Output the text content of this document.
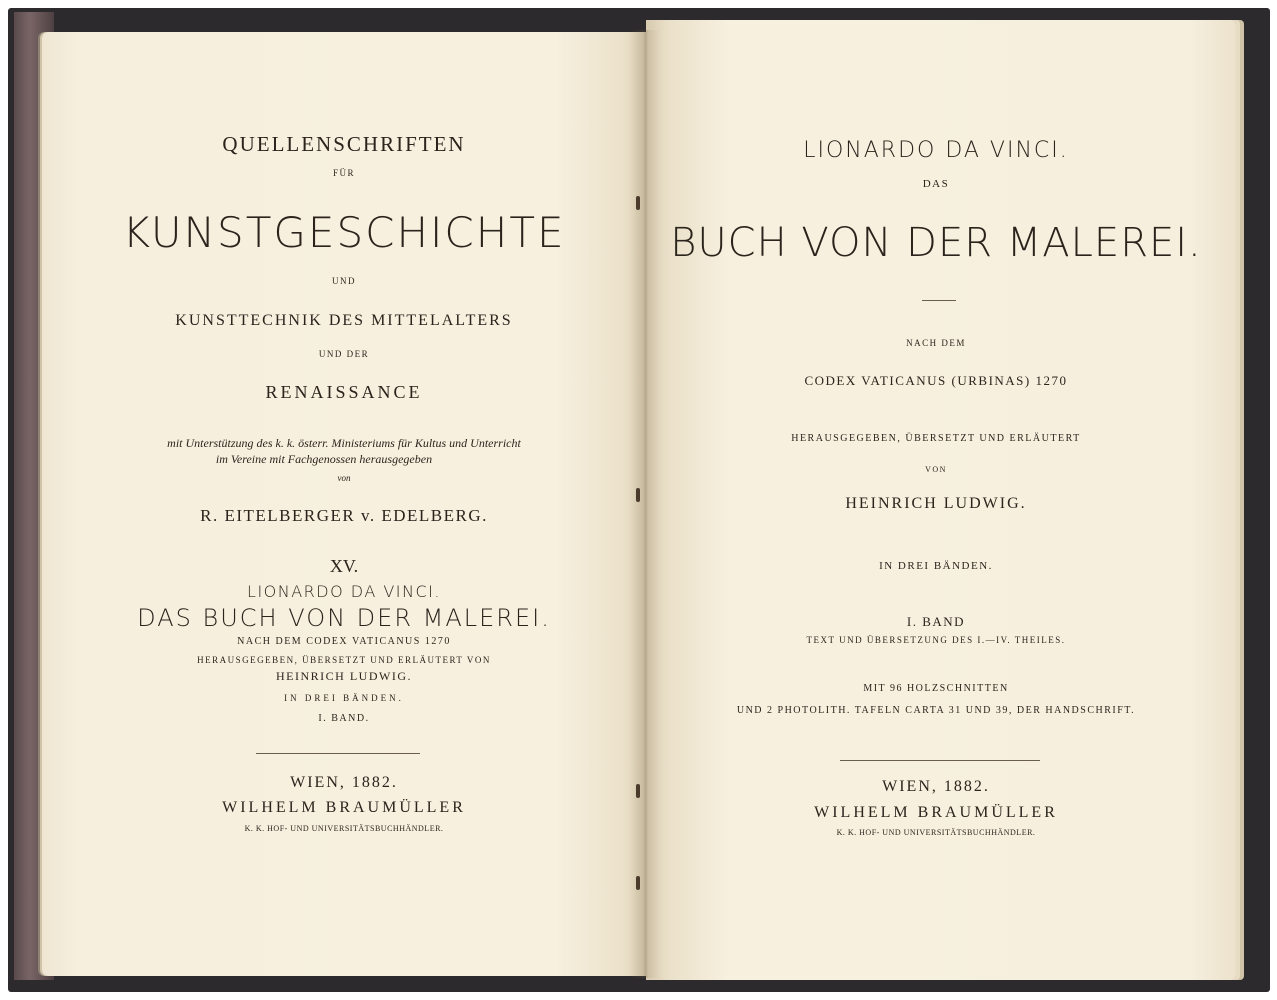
QUELLENSCHRIFTEN

FÜR

KUNSTGESCHICHTE

UND

KUNSTTECHNIK DES MITTELALTERS

UND DER

RENAISSANCE

mit Unterstützung des k. k. österr. Ministeriums für Kultus und Unterricht

im Vereine mit Fachgenossen herausgegeben

von

R. EITELBERGER v. EDELBERG.

XV.

LIONARDO DA VINCI.

DAS BUCH VON DER MALEREI.

NACH DEM CODEX VATICANUS 1270

HERAUSGEGEBEN, ÜBERSETZT UND ERLÄUTERT VON

HEINRICH LUDWIG.

IN DREI BÄNDEN.

I. BAND.

WIEN, 1882.

WILHELM BRAUMÜLLER

K. K. HOF- UND UNIVERSITÄTSBUCHHÄNDLER.

LIONARDO DA VINCI.

DAS

BUCH VON DER MALEREI.

NACH DEM

CODEX VATICANUS (URBINAS) 1270

HERAUSGEGEBEN, ÜBERSETZT UND ERLÄUTERT

VON

HEINRICH LUDWIG.

IN DREI BÄNDEN.

I. BAND

TEXT UND ÜBERSETZUNG DES I.—IV. THEILES.

MIT 96 HOLZSCHNITTEN

UND 2 PHOTOLITH. TAFELN CARTA 31 UND 39, DER HANDSCHRIFT.

WIEN, 1882.

WILHELM BRAUMÜLLER

K. K. HOF- UND UNIVERSITÄTSBUCHHÄNDLER.
